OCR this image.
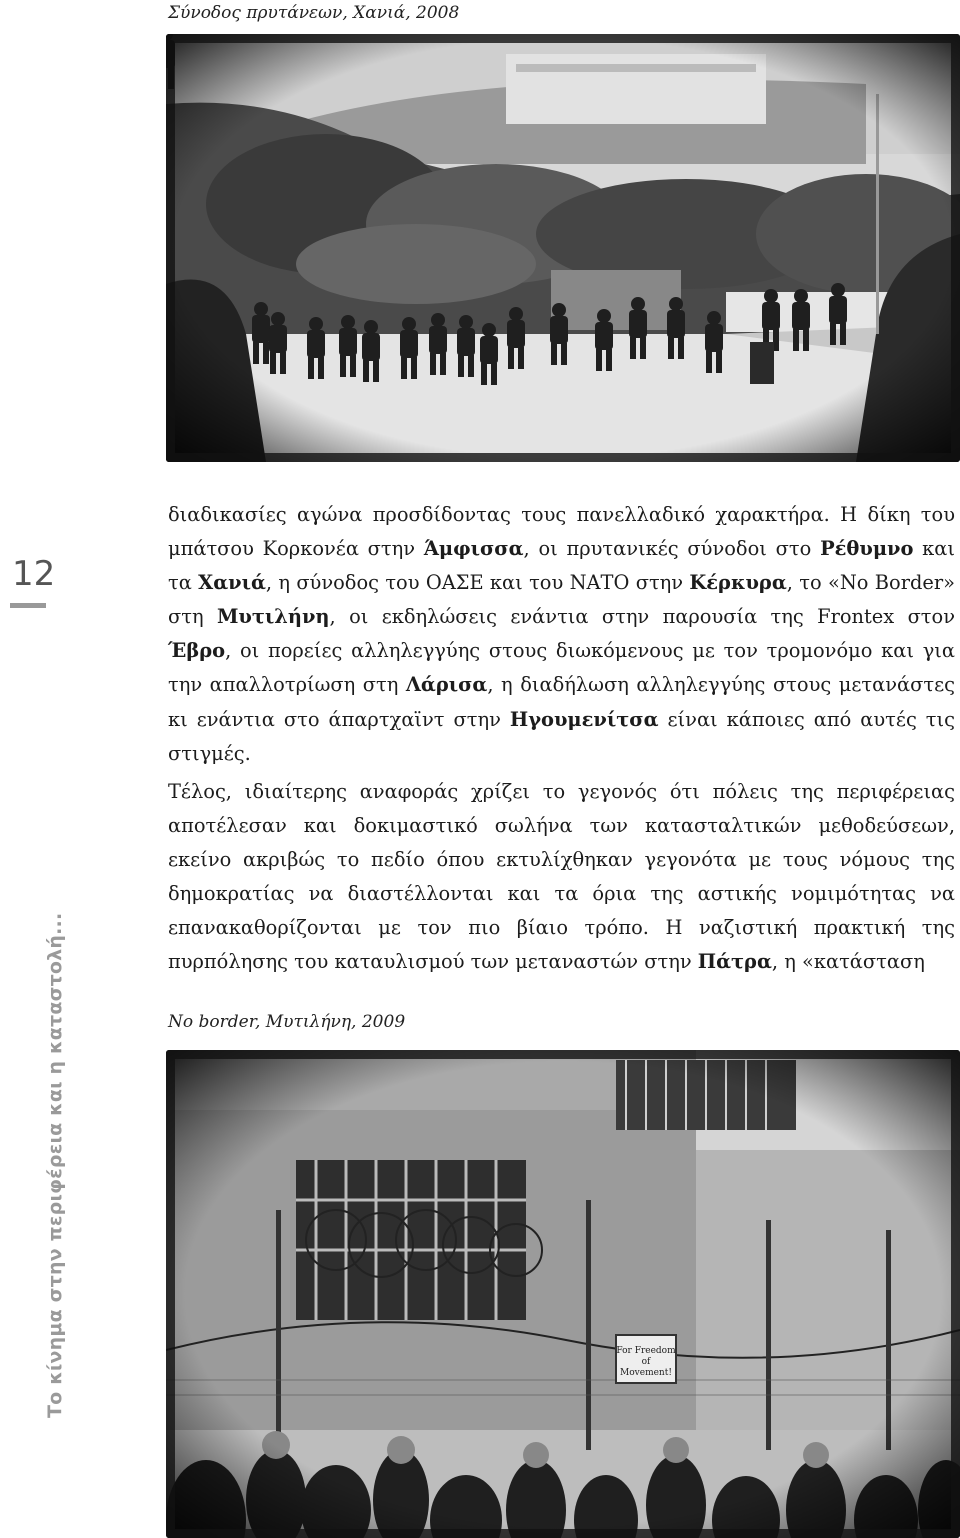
Σύνοδος πρυτάνεων, Χανιά, 2008
12
Το κίνημα στην περιφέρεια και η καταστολή...

διαδικασίες αγώνα προσδίδοντας τους πανελλαδικό χαρακτήρα. Η δίκη του μπάτσου Κορκονέα στην Άμφισσα, οι πρυτανικές σύνοδοι στο Ρέθυμνο και τα Χανιά, η σύνοδος του ΟΑΣΕ και του ΝΑΤΟ στην Κέρκυρα, το «No Border» στη Μυτιλήνη, οι εκδηλώσεις ενάντια στην παρουσία της Frontex στον Έβρο, οι πορείες αλληλεγγύης στους διωκόμενους με τον τρομονόμο και για την απαλλοτρίωση στη Λάρισα, η διαδήλωση αλληλεγγύης στους μετανάστες κι ενάντια στο άπαρτχαϊντ στην Ηγουμενίτσα είναι κάποιες από αυτές τις στιγμές.

Τέλος, ιδιαίτερης αναφοράς χρίζει το γεγονός ότι πόλεις της περιφέρειας αποτέλεσαν και δοκιμαστικό σωλήνα των κατασταλτικών μεθοδεύσεων, εκείνο ακριβώς το πεδίο όπου εκτυλίχθηκαν γεγονότα με τους νόμους της δημοκρατίας να διαστέλλονται και τα όρια της αστικής νομιμότητας να επανακαθορίζονται με τον πιο βίαιο τρόπο. Η ναζιστική πρακτική της πυρπόλησης του καταυλισμού των μεταναστών στην Πάτρα, η «κατάσταση

No border, Μυτιλήνη, 2009
